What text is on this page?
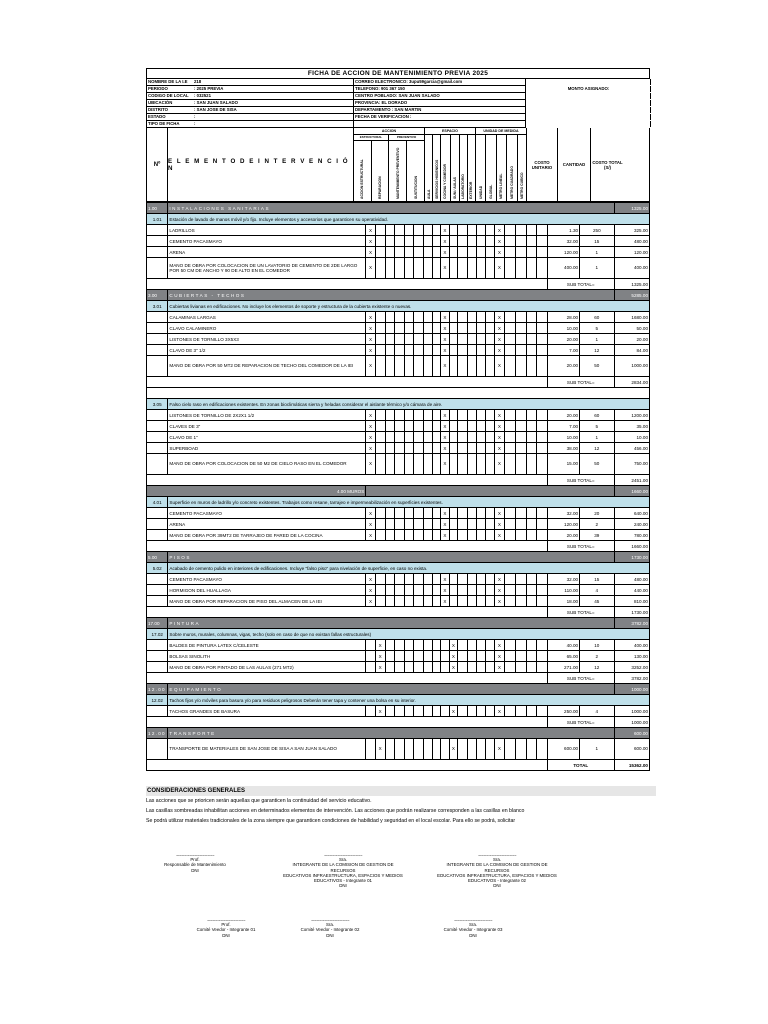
FICHA DE ACCION DE MANTENIMIENTO PREVIA 2025
NOMBRE DE LA I.E 218	CORREO ELECTRONICO: 3upu59garcia@gmail.com
PERIODO	: 2025 PREVIA	TELEFONO: 901 367 150	MONTO ASIGNADO:
CODIGO DE LOCAL : 032521	CENTRO POBLADO: SAN JUAN SALADO
UBICACIÓN	: SAN JUAN SALADO	PROVINCIA: EL DORADO
DISTRITO	: SAN JOSE DE SISA	DEPARTAMENTO : SAN MARTIN
ESTADO	:	FECHA DE VERIFICACION :
TIPO DE FICHA	:
Nº	E L E M E N T O D E I N T E R V E N C I Ó N
ACCION
ESTRUCTURAL	PREVENTIVO
ACCION ESTRUCTURAL	REPARACION	MANTENIMIENTO PREVENTIVO	SUSTITUCION
ESPACIO
AULA SERVICIOS HIGIENICOS COCINA Y COMEDOR SUM / AULAS LABORATORIO EXTERIOR
UNIDAD DE MEDIDA
UNIDAD GLOBAL METRO LINEAL METRO CUADRADO METRO CUBICO
COSTO UNITARIO	CANTIDAD	COSTO TOTAL (S/)
1.00	INSTALACIONES SANITARIAS																						1325.00
1.01	Estación de lavado de manos móvil y/o fijo. Incluye elementos y accesorios que garanticen su operatividad.																						
	LADRILLOS	X								X						X					1.30	250	325.00
	CEMENTO PACASMAYO	X								X						X					32.00	15	480.00
	ARENA	X								X						X					120.00	1	120.00
	MANO DE OBRA POR COLOCACION DE UN LAVATORIO DE CEMENTO DE 2DE LARGO POR 50 CM DE ANCHO Y 90 DE ALTO EN EL COMEDOR	X								X						X					400.00	1	400.00
																					SUB TOTAL=		1325.00
3.00	CUBIERTAS - TECHOS																						5285.00
3.01	Cubiertas livianas en edificaciones. No incluye los elementos de soporte y estructura de la cubierta existente o nuevas.																						
	CALAMINAS LARGAS	X								X						X					28.00	60	1680.00
	CLAVO CALAMINERO	X								X						X					10.00	5	50.00
	LISTONES DE TORNILLO 3X5X3	X								X						X					20.00	1	20.00
	CLAVO DE 3" 1/2	X								X						X					7.00	12	84.00
	MANO DE OBRA POR 50 MT2 DE REPARACION DE TECHO DEL COMEDOR DE LA IEI	X								X						X					20.00	50	1000.00
																					SUB TOTAL=		2834.00

3.05	Falso cielo raso en edificaciones existentes. En zonas bioclimáticas sierra y heladas considerar el aislante térmico y/o cámara de aire.																						
	LISTONES DE TORNILLO DE 2X2X1 1/2	X								X						X					20.00	60	1200.00
	CLAVES DE 3"	X								X						X					7.00	5	35.00
	CLAVO DE 1"	X								X						X					10.00	1	10.00
	SUPERBOAD	X								X						X					38.00	12	456.00
	MANO DE OBRA POR COLOCACION DE 50 M2 DE CIELO RASO EN EL COMEDOR	X								X						X					15.00	50	750.00
																					SUB TOTAL=		2451.00
4.00 MUROS																							1660.00
4.01	Superficie en muros de ladrillo y/o concreto existentes. Trabajos como resane, tarrajeo e impermeabilización en superficies existentes.																						
	CEMENTO PACASMAYO	X								X						X					32.00	20	640.00
	ARENA	X								X						X					120.00	2	240.00
	MANO DE OBRA POR 39MT2 DE TARRAJEO DE PARED DE LA COCINA	X								X						X					20.00	39	780.00
																					SUB TOTAL=		1660.00
5.00	PISOS																						1730.00
5.02	Acabado de cemento pulido en interiores de edificaciones. Incluye "falso piso" para nivelación de superficie, en caso no exista.																						
	CEMENTO PACASMAYO	X								X						X					32.00	15	480.00
	HORMIGON DEL HUALLAGA	X								X						X					110.00	4	440.00
	MANO DE OBRA POR REPARACION DE PISO DEL ALMACEN DE LA IEI	X								X						X					18.00	45	810.00
																					SUB TOTAL=		1730.00
17.00	PINTURA																						3782.00
17.02	Sobre muros, murales, columnas, vigas, techo (solo en caso de que no existan fallas estructurales)																						
	BALDES DE PINTURA LATEX C/CELESTE		X								X					X					40.00	10	400.00
	BOLSAS SINOLITH		X								X					X					65.00	2	130.00
	MANO DE OBRA POR PINTADO DE LAS AULAS (271 MT2)		X								X					X					271.00	12	3252.00
																					SUB TOTAL=		3782.00
1 2 . 0 0	EQUIPAMIENTO																						1000.00
12.02	Tachos fijos y/o móviles para basura y/o para residuos peligrosos Deberán tener tapa y contener una bolsa en su interior.																						
	TACHOS GRANDES DE BASURA		X								X					X					250.00	4	1000.00
																					SUB TOTAL=		1000.00
1 2 . 0 0	TRANSPORTE																						600.00
	TRANSPORTE DE MATERIALES DE SAN JOSE DE SISA A SAN JUAN SALADO		X								X					X					600.00	1	600.00
																					TOTAL		15362.00
CONSIDERACIONES GENERALES

Las acciones que se prioricen serán aquellas que garanticen la continuidad del servicio educativo.

Las casillas sombreadas inhabilitan acciones en determinados elementos de intervención. Las acciones que podrán realizarse corresponden a las casillas en blanco

Se podrá utilizar materiales tradicionales de la zona siempre que garanticen condiciones de habilidad y seguridad en el local escolar. Para ello se podrá, solicitar

.....................................................
Prof.
Responsable de Mantenimiento
DNI
.....................................................
Sra.
INTEGRANTE DE LA COMISION DE GESTION DE RECURSOS
EDUCATIVOS INFRAESTRUCTURA, ESPACIOS Y MEDIOS
EDUCATIVOS - Integrante 01
DNI
.....................................................
Sra.
INTEGRANTE DE LA COMISION DE GESTION DE RECURSOS
EDUCATIVOS INFRAESTRUCTURA, ESPACIOS Y MEDIOS
EDUCATIVOS - Integrante 02
DNI
.....................................................
Prof.
Comité Veedor - Integrante 01
DNI
.....................................................
Sra.
Comité Veedor - Integrante 02
DNI
.....................................................
Sra.
Comité Veedor - Integrante 03
DNI
